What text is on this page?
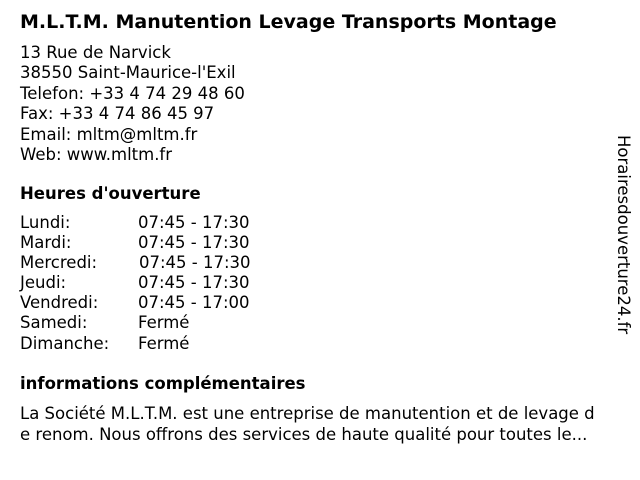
M.L.T.M. Manutention Levage Transports Montage
13 Rue de Narvick
38550 Saint-Maurice-l'Exil
Telefon: +33 4 74 29 48 60
Fax: +33 4 74 86 45 97
Email: mltm@mltm.fr
Web: www.mltm.fr
Heures d'ouverture
Lundi:	07:45 - 17:30
Mardi:	07:45 - 17:30
Mercredi:	07:45 - 17:30
Jeudi:	07:45 - 17:30
Vendredi: 07:45 - 17:00
Samedi:	Fermé
Dimanche: Fermé
informations complémentaires
La Société M.L.T.M. est une entreprise de manutention et de levage d
e renom. Nous offrons des services de haute qualité pour toutes le...
Horairesdouverture24.fr
